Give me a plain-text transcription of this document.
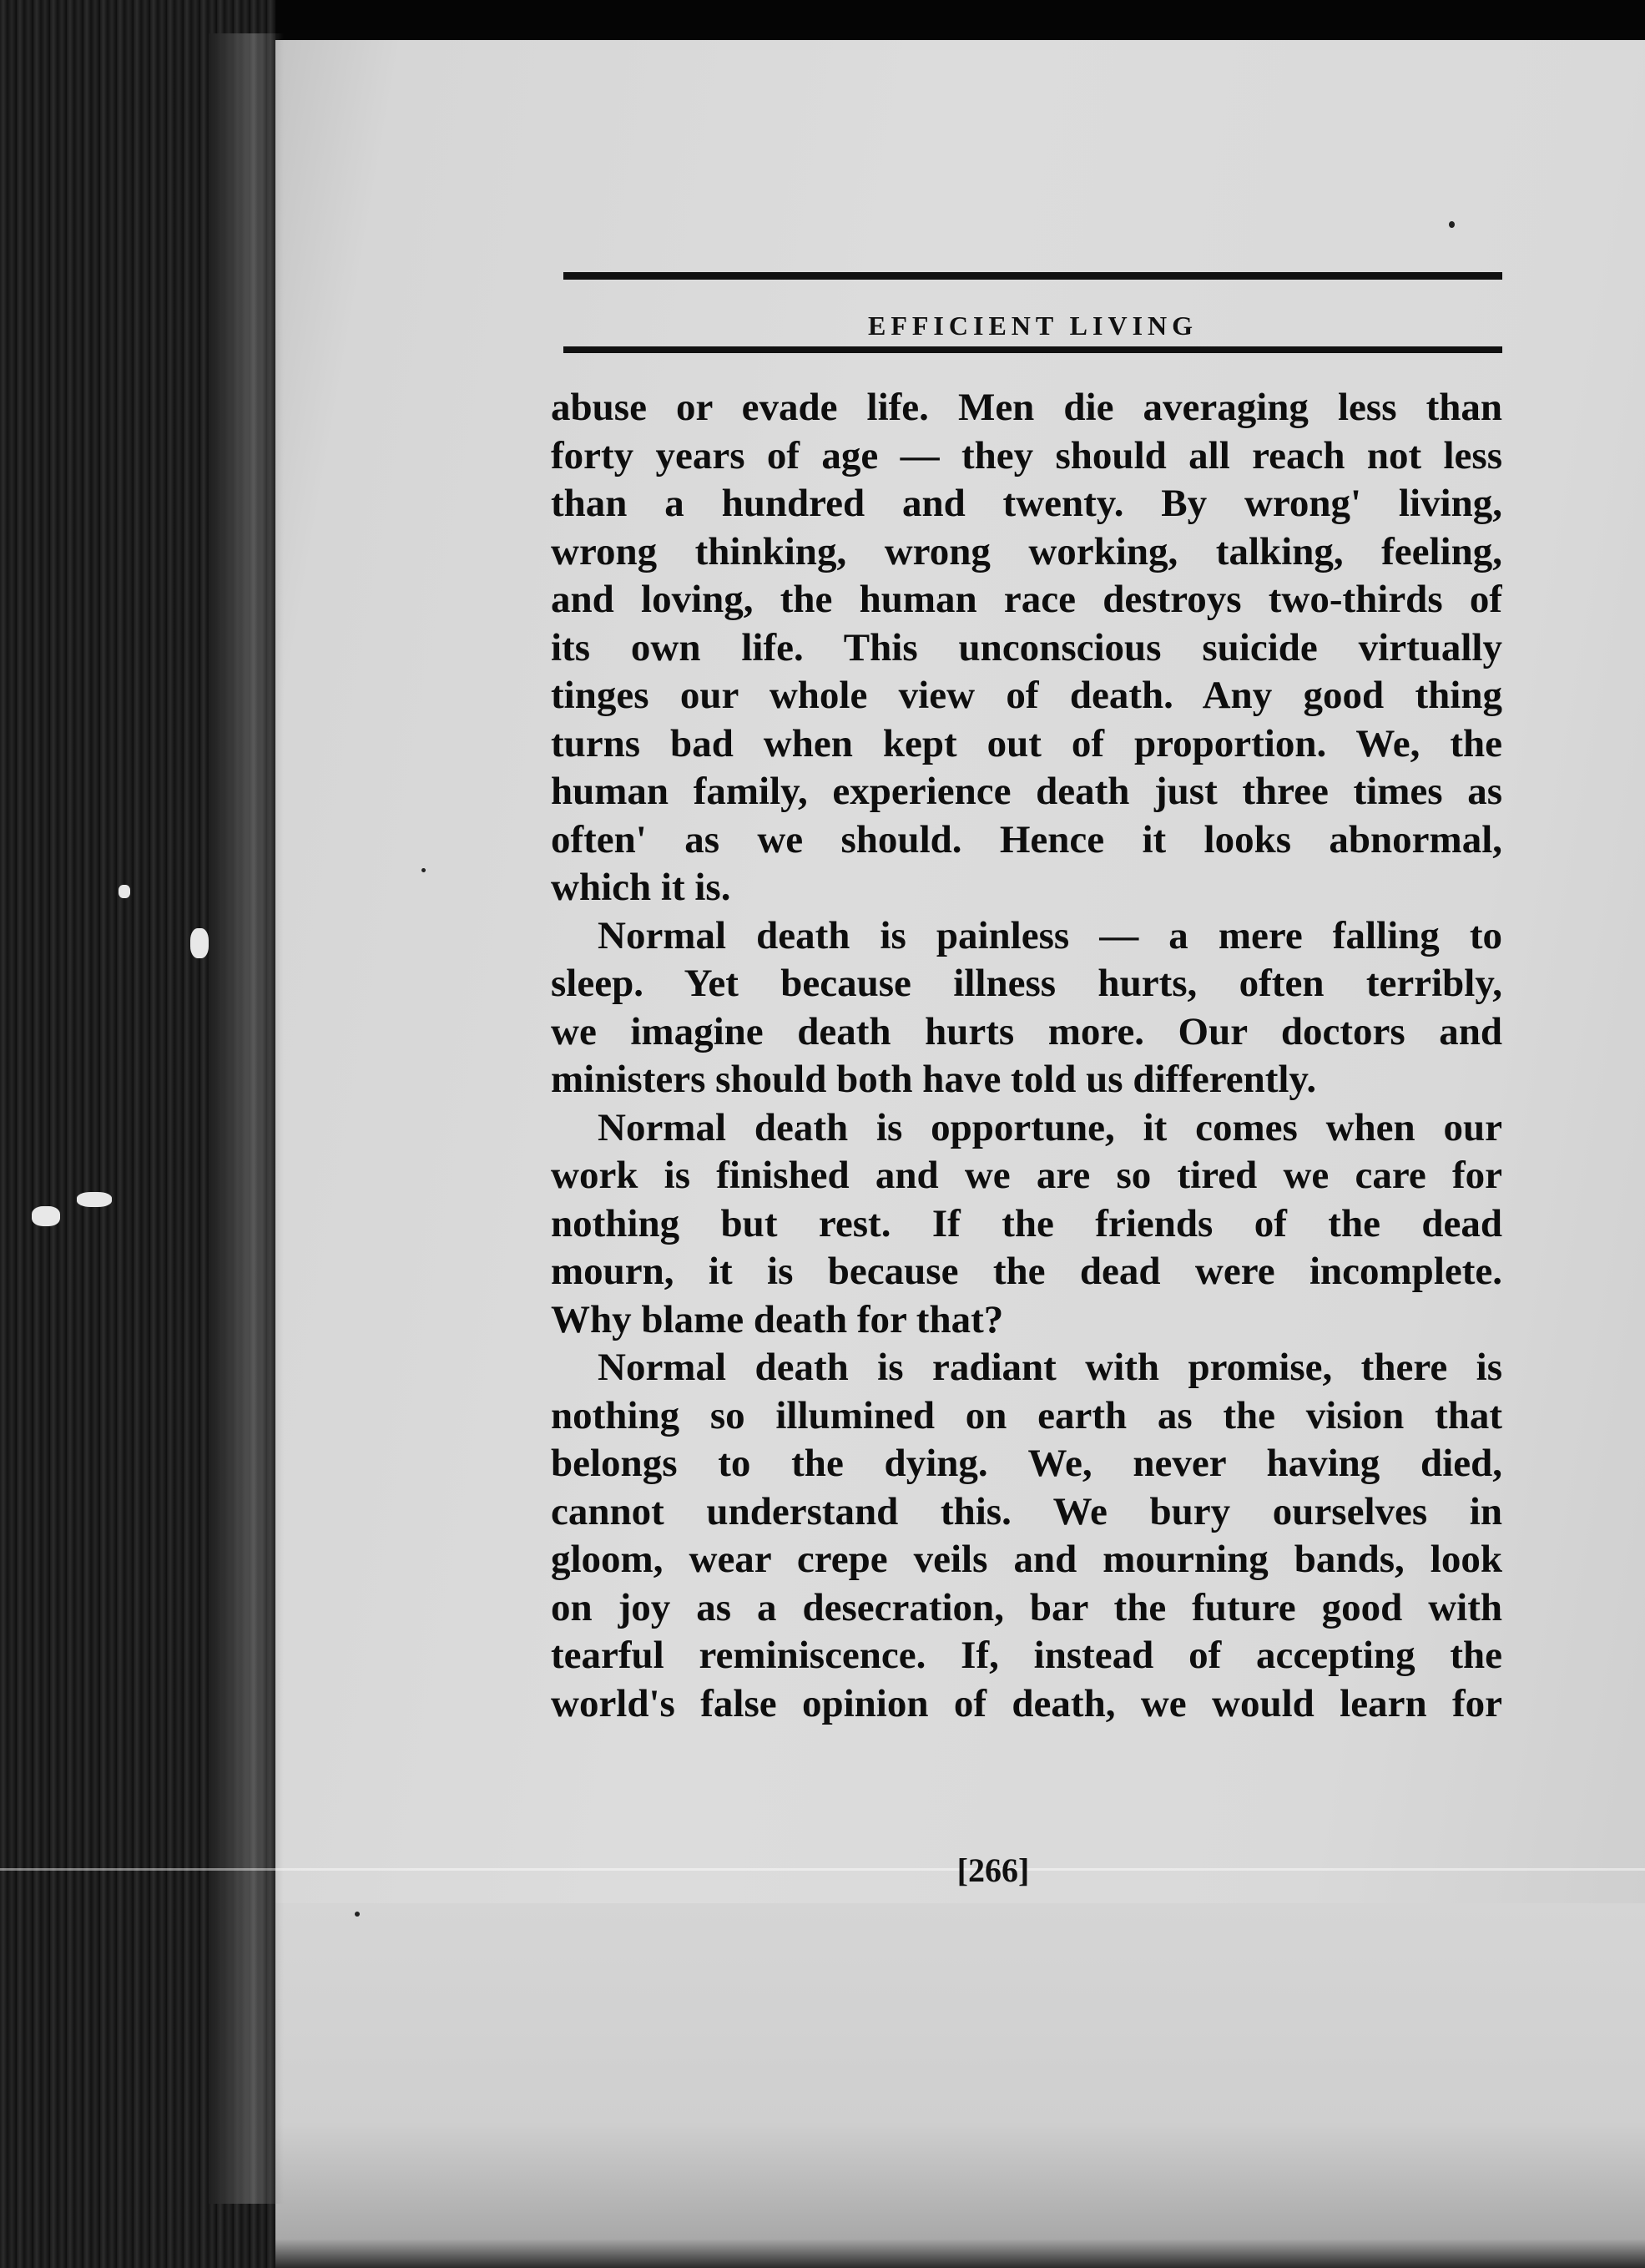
EFFICIENT LIVING
abuse or evade life. Men die averaging less than
forty years of age — they should all reach not less
than a hundred and twenty. By wrong' living,
wrong thinking, wrong working, talking, feeling,
and loving, the human race destroys two-thirds of
its own life. This unconscious suicide virtually
tinges our whole view of death. Any good thing
turns bad when kept out of proportion. We, the
human family, experience death just three times as
often' as we should. Hence it looks abnormal,
which it is.
Normal death is painless — a mere falling to
sleep. Yet because illness hurts, often terribly,
we imagine death hurts more. Our doctors and
ministers should both have told us differently.
Normal death is opportune, it comes when our
work is finished and we are so tired we care for
nothing but rest. If the friends of the dead
mourn, it is because the dead were incomplete.
Why blame death for that?
Normal death is radiant with promise, there is
nothing so illumined on earth as the vision that
belongs to the dying. We, never having died,
cannot understand this. We bury ourselves in
gloom, wear crepe veils and mourning bands, look
on joy as a desecration, bar the future good with
tearful reminiscence. If, instead of accepting the
world's false opinion of death, we would learn for
[266]
